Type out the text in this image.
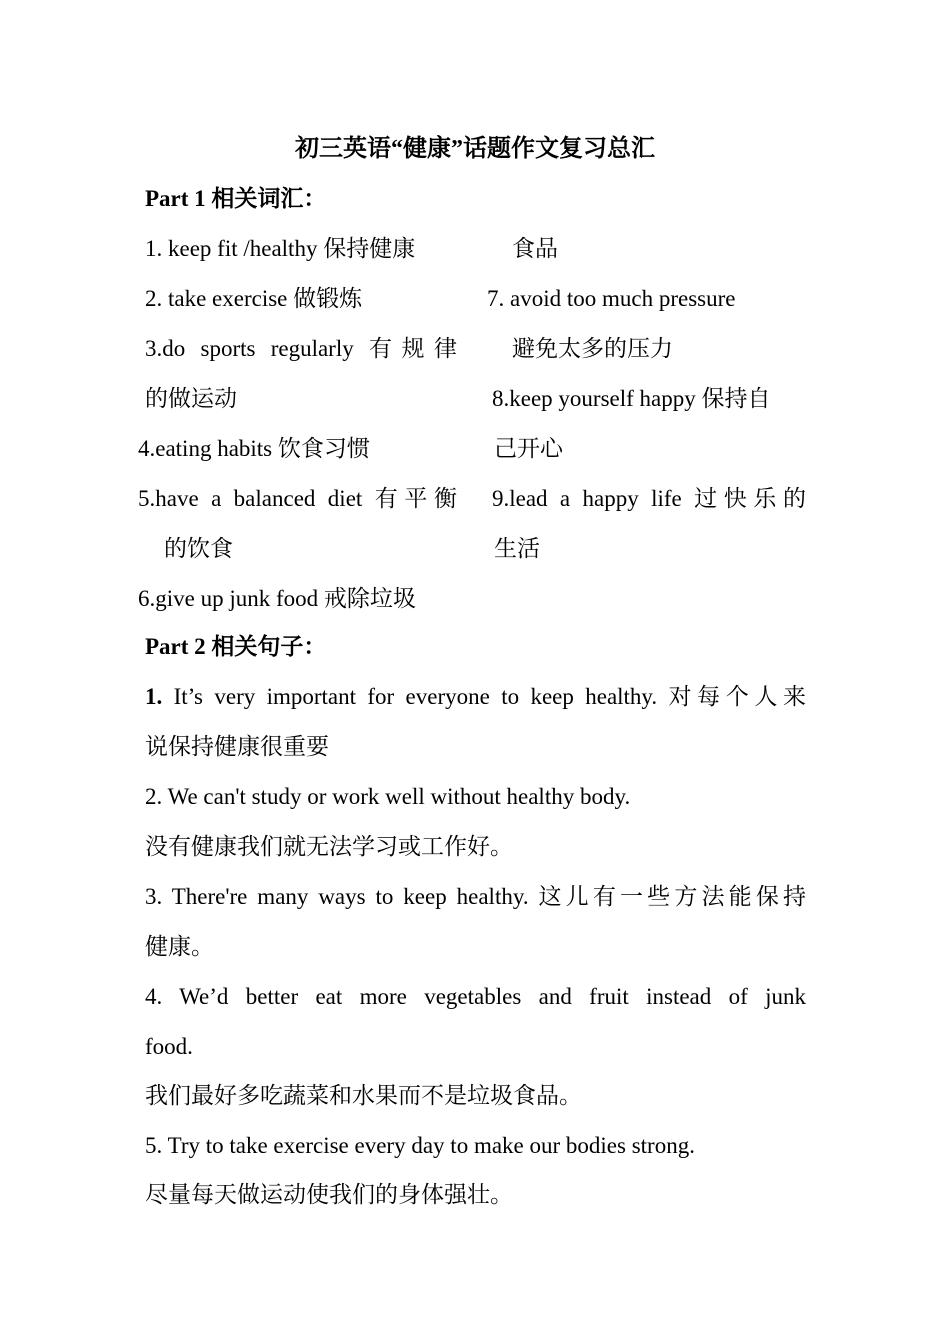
初三英语“健康”话题作文复习总汇
Part 1 相关词汇：
1. keep fit /healthy 保持健康
2. take exercise 做锻炼
3.do sports regularly 有规律
的做运动
4.eating habits 饮食习惯
5.have a balanced diet 有平衡
的饮食
6.give up junk food 戒除垃圾
食品
7. avoid too much pressure
避免太多的压力
8.keep yourself happy 保持自
己开心
9.lead a happy life 过快乐的
生活
Part 2 相关句子：
1. It’s very important for everyone to keep healthy. 对每个人来
说保持健康很重要
2. We can't study or work well without healthy body.
没有健康我们就无法学习或工作好。
3. There're many ways to keep healthy. 这儿有一些方法能保持
健康。
4. We’d better eat more vegetables and fruit instead of junk
food.
我们最好多吃蔬菜和水果而不是垃圾食品。
5. Try to take exercise every day to make our bodies strong.
尽量每天做运动使我们的身体强壮。
